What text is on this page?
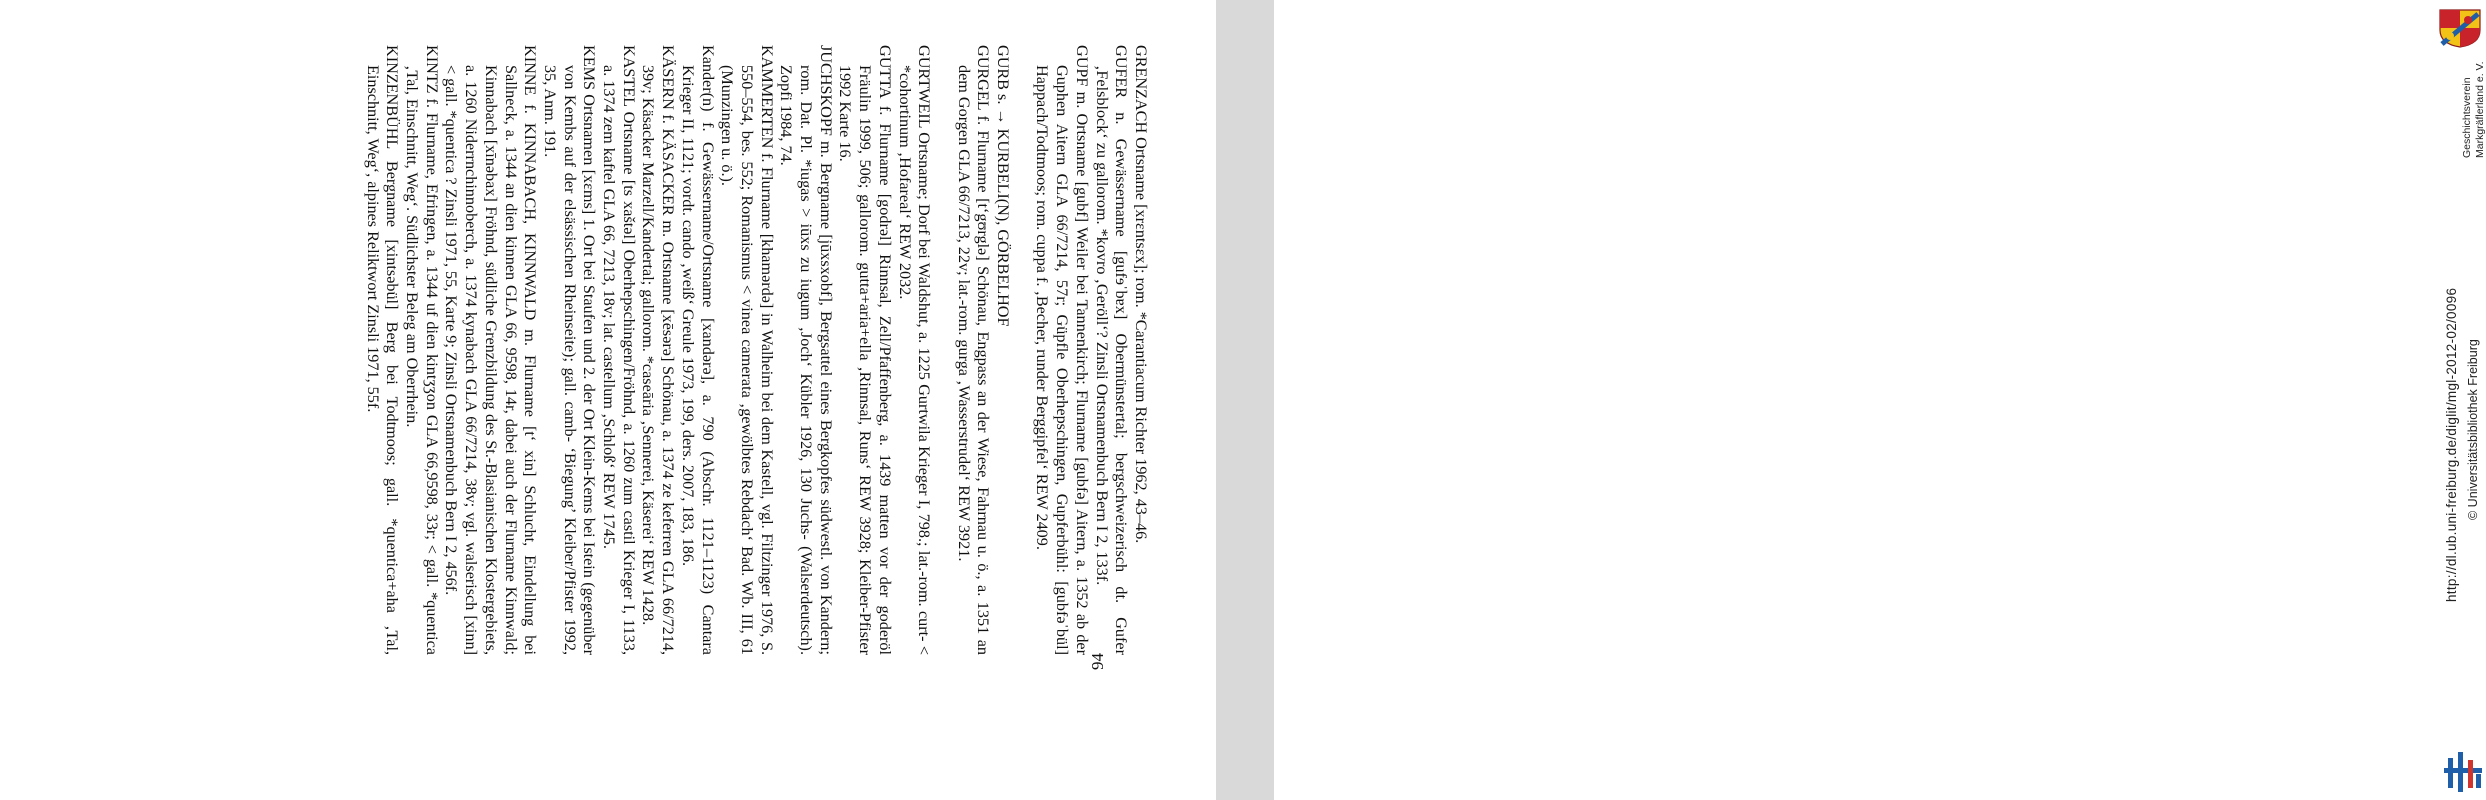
GRENZACH Ortsname [xrɛntsɛx]; rom. *Carantiacum Richter 1962, 43–46.

GUFER n. Gewässername [gufɘˈbɐx] Obermünstertal; bergschweizerisch dt. Gufer ‚Felsblock‘ zu gallorom. *kovro ‚Geröll‘? Zinsli Ortsnamenbuch Bern I 2, 133f.

GUPF m. Ortsname [gubf] Weiler bei Tannenkirch; Flurname [gubfə] Aitern, a. 1352 ab der Guphen Aitern GLA 66/7214, 57r; Güpfle Oberhepschingen, Gupferbühl: [gubfəˈbül] Happach/Todtmoos; rom. cuppa f. ‚Becher, runder Berggipfel‘ REW 2409.

GURB s. → KURBELI(N), GÖRBELHOF

GURGEL f. Flurname [tʻgʊrglə] Schönau, Engpass an der Wiese, Fahrnau u. ö., a. 1351 an dem Gorgen GLA 66/7213, 22v; lat.-rom. gurga ‚Wasserstrudel‘ REW 3921.

GURTWEIL Ortsname; Dorf bei Waldshut, a. 1225 Gurtwila Krieger I, 798.; lat.-rom. curt- < *cohortinum ‚Hofareal‘ REW 2032.

GUTTA f. Flurname [godrəl] Rinnsal, Zell/Pfaffenberg, a. 1439 matten vor der goderöl Fräulin 1999, 506; gallorom. gutta+aria+ella ‚Rinnsal, Runs‘ REW 3928; Kleiber-Pfister 1992 Karte 16.

JUCHSKOPF m. Bergname [jūxsxobf], Bergsattel eines Bergkopfes südwestl. von Kandern; rom. Dat. Pl. *iugas > iūxs zu iugum ‚Joch‘ Kübler 1926, 130 Juchs- (Walserdeutsch). Zopfi 1984, 74.

KAMMERTEN f. Flurname [khamərdə] in Walheim bei dem Kastell, vgl. Filtzinger 1976, S. 550–554, bes. 552; Romanismus < vinea camerata ‚gewölbtes Rebdach‘ Bad. Wb. III, 61 (Munzingen u. ö.).

Kander(n) f. Gewässername/Ortsname [xandərə], a. 790 (Abschr. 1121–1123) Cantara Krieger II, 1121; vordt. cando ‚weiß‘ Greule 1973, 199, ders. 2007, 183, 186.

KÄSERN f. KÄSACKER m. Ortsname [xēsərə] Schönau, a. 1374 ze keferren GLA 66/7214, 39v; Käsacker Marzell/Kandertal; gallorom. *caseāria ‚Sennerei, Käserei‘ REW 1428.

KASTEL Ortsname [ts xaštəl] Oberhepschingen/Fröhnd, a. 1260 zum castil Krieger I, 1133, a. 1374 zem kaftel GLA 66, 7213, 18v; lat. castellum ‚Schloß‘ REW 1745.

KEMS Ortsnamen [xɛms] 1. Ort bei Staufen und 2. der Ort Klein-Kems bei Istein (gegenüber von Kembs auf der elsässischen Rheinseite); gall. camb- ‘Biegung’ Kleiber/Pfister 1992, 35, Anm. 191.

KINNE f. KINNABACH, KINNWALD m. Flurname [tʻ xin] Schlucht, Eindellung bei Sallneck, a. 1344 an dien kinnen GLA 66, 9598, 14r, dabei auch der Flurname Kinnwald; Kinnabach [xīnəbax] Fröhnd, südliche Grenzbildung des St.-Blasianischen Klostergebiets, a. 1260 Niderrnchinnoberch, a. 1374 kynabach GLA 66/7214, 38v; vgl. walserisch [xinn] < gall. *quentica ? Zinsli 1971, 55, Karte 9; Zinsli Ortsnamenbuch Bern I 2, 456f.

KINTZ f. Flurname, Efringen, a. 1344 uf dien kintʒʒon GLA 66,9598, 33r; < gall. *quentica ‚Tal, Einschnitt, Weg‘. Südlichster Beleg am Oberrhein.

KINZENBÜHL Bergname [xintsəbül] Berg bei Todtmoos; gall. *quentica+aha ‚Tal, Einschnitt, Weg‘, alpines Reliktwort Zinsli 1971, 55f.

94
Geschichtsverein Markgräflerland e. V.
http://dl.ub.uni-freiburg.de/diglit/mgl-2012-02/0096 © Universitätsbibliothek Freiburg
